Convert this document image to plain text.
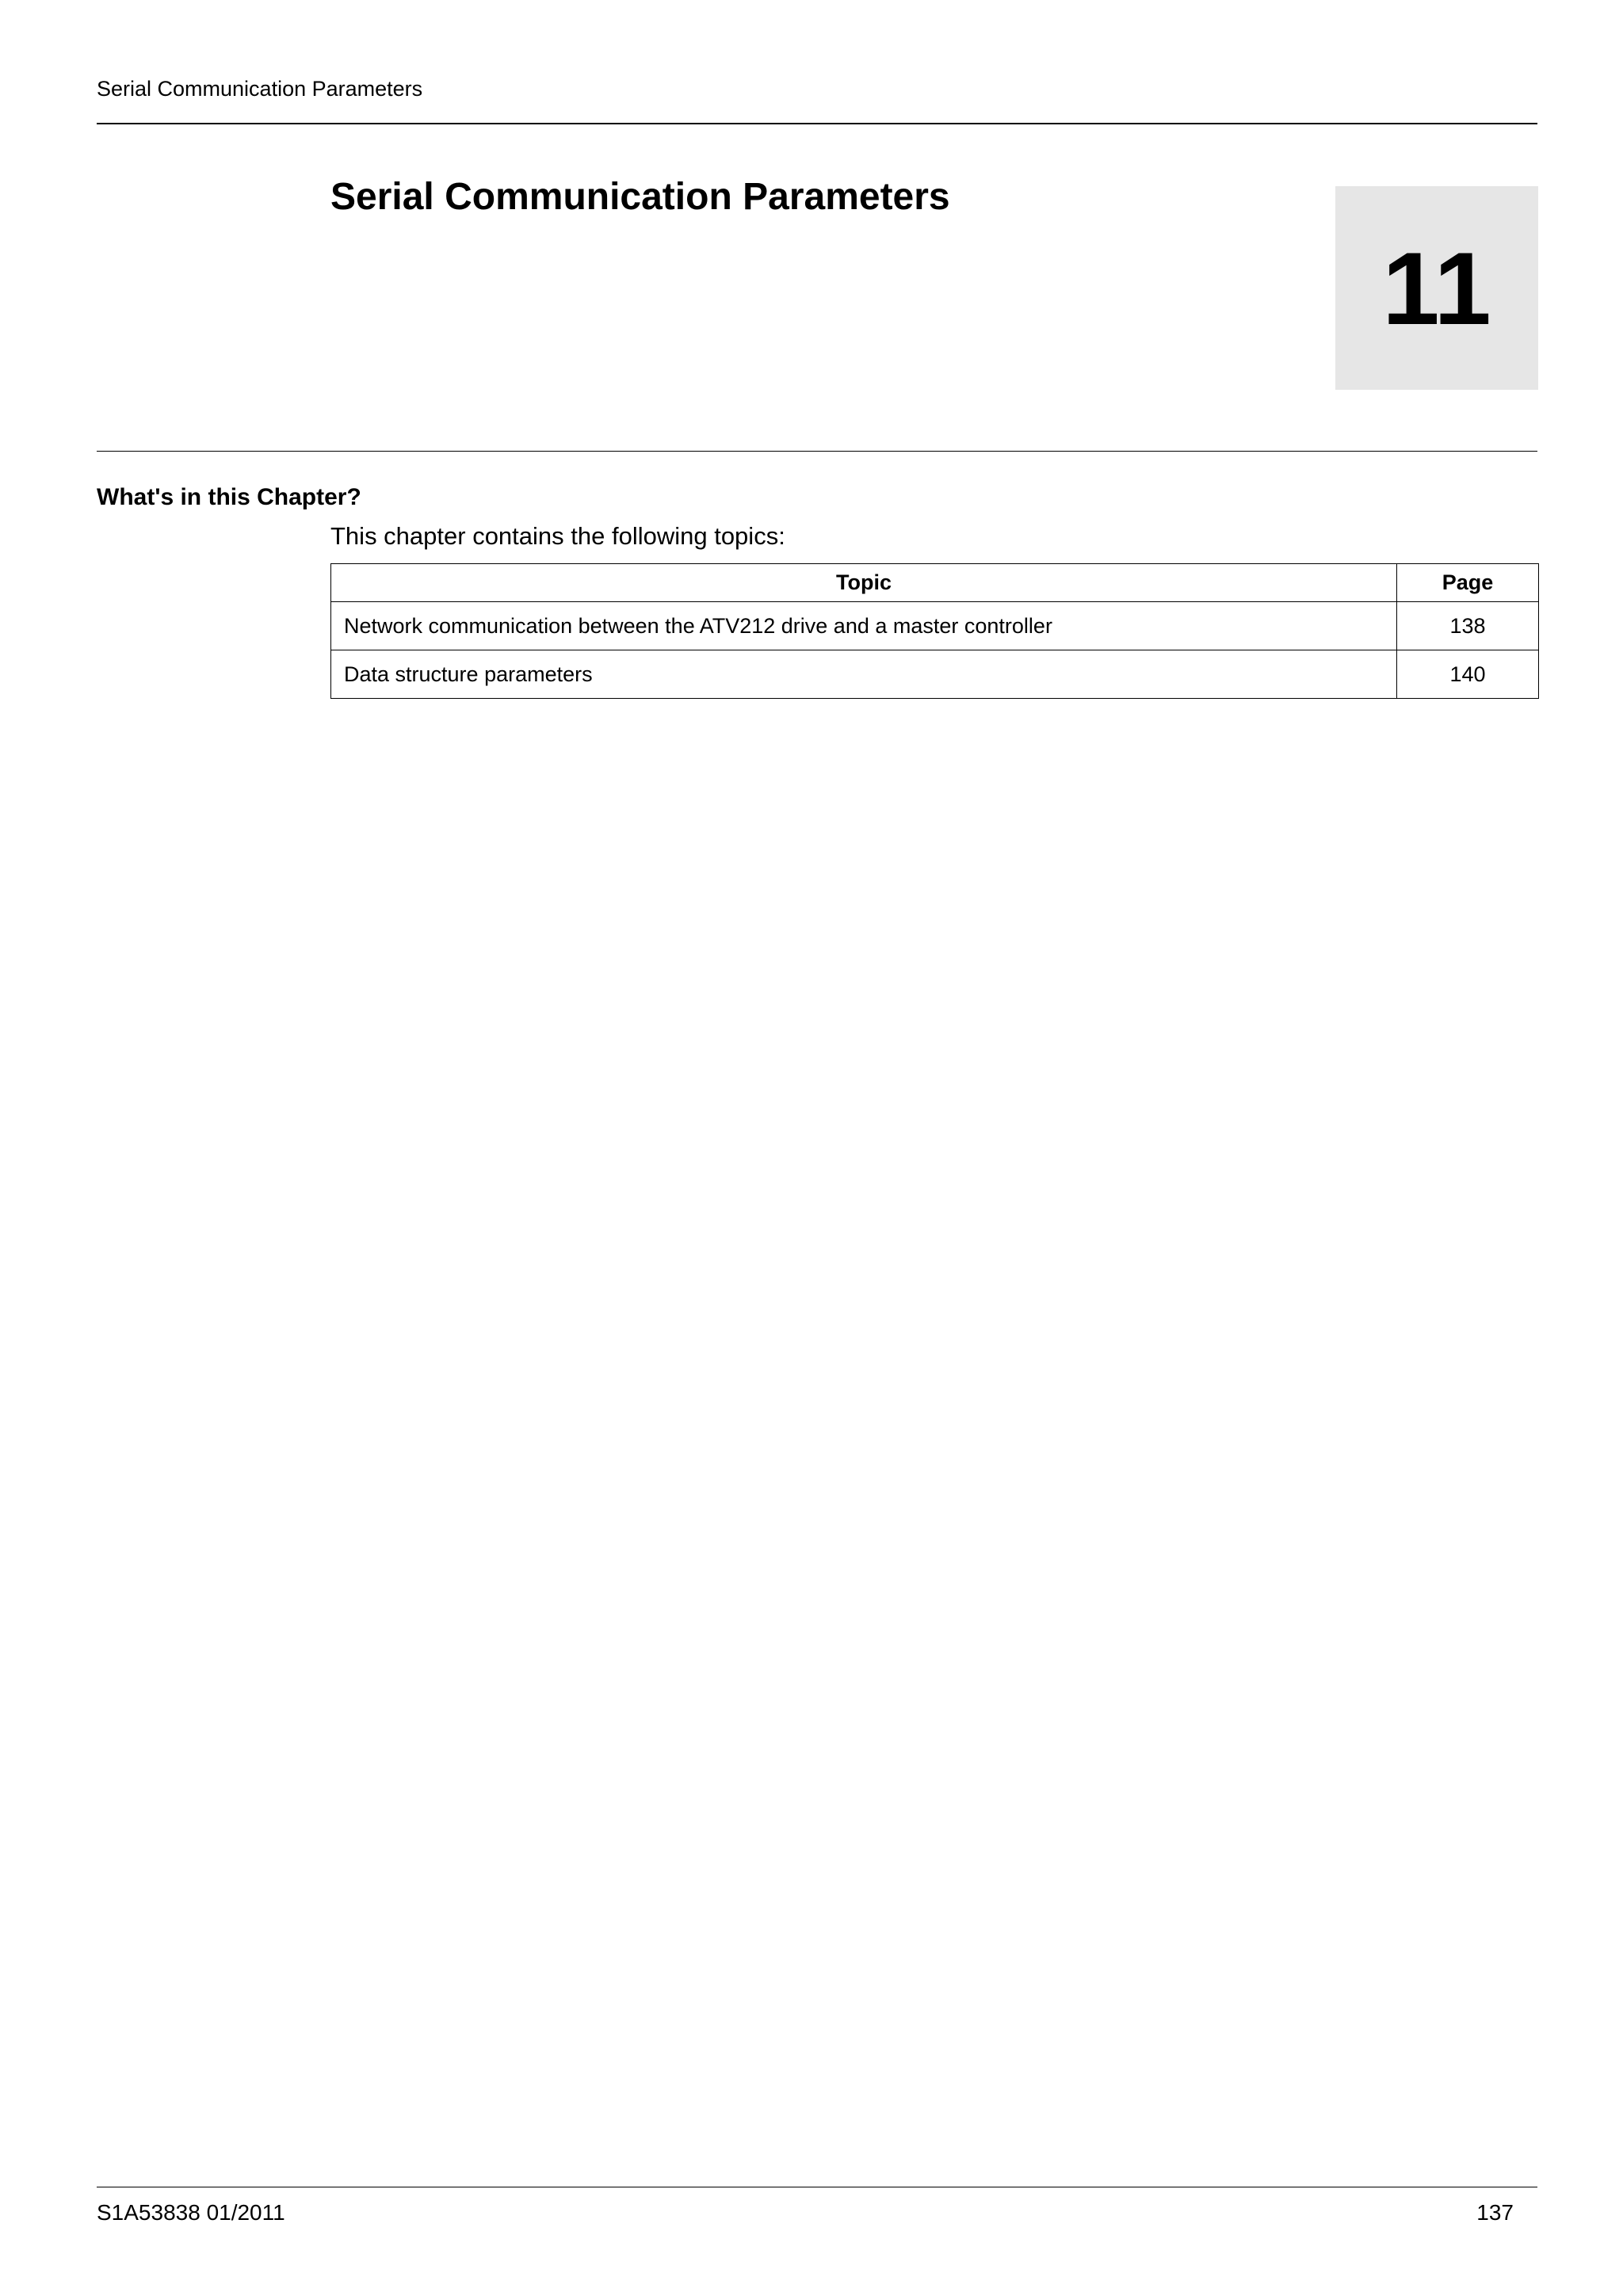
Serial Communication Parameters
Serial Communication Parameters
11
What's in this Chapter?

This chapter contains the following topics:

Topic	Page
Network communication between the ATV212 drive and a master controller	138
Data structure parameters	140
S1A53838 01/2011	137
